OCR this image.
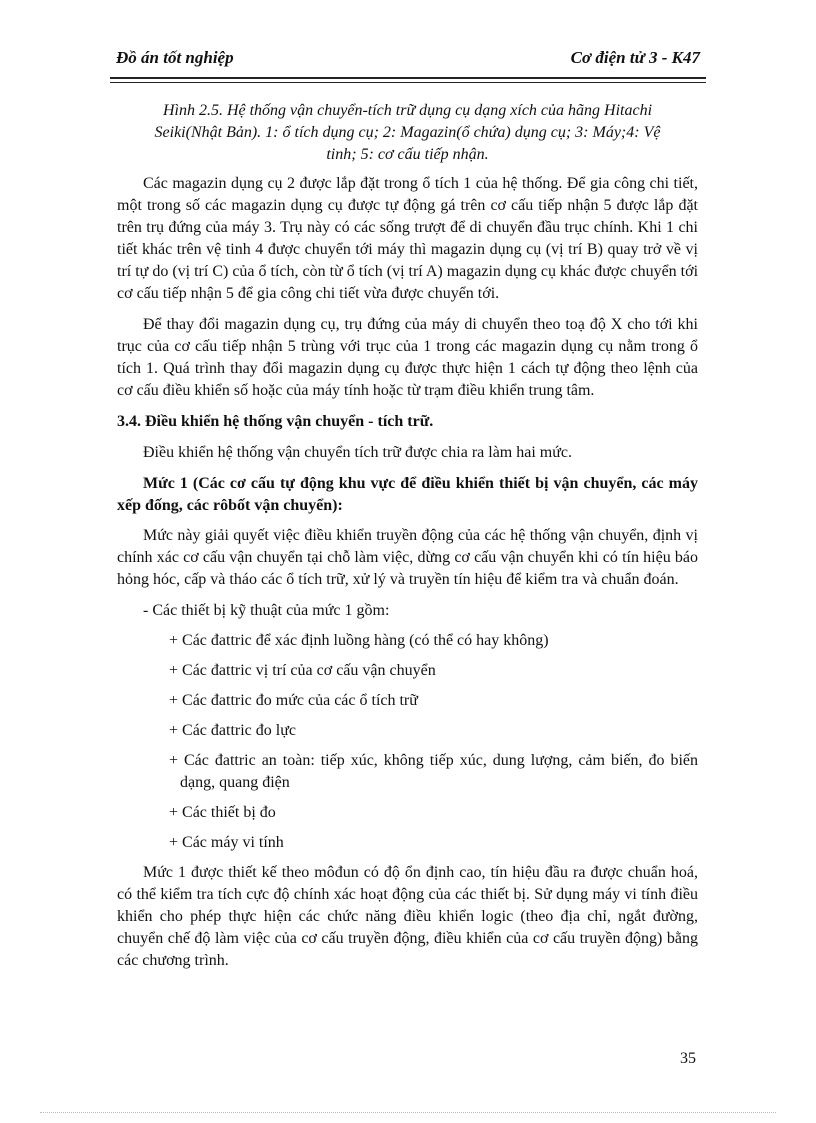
Đồ án tốt nghiệp	Cơ điện tử 3 - K47

Hình 2.5. Hệ thống vận chuyển-tích trữ dụng cụ dạng xích của hãng Hitachi Seiki(Nhật Bản). 1: ổ tích dụng cụ; 2: Magazin(ổ chứa) dụng cụ; 3: Máy;4: Vệ tinh; 5: cơ cấu tiếp nhận.

Các magazin dụng cụ 2 được lắp đặt trong ổ tích 1 của hệ thống. Để gia công chi tiết, một trong số các magazin dụng cụ được tự động gá trên cơ cấu tiếp nhận 5 được lắp đặt trên trụ đứng của máy 3. Trụ này có các sống trượt để di chuyển đầu trục chính. Khi 1 chi tiết khác trên vệ tinh 4 được chuyển tới máy thì magazin dụng cụ (vị trí B) quay trở về vị trí tự do (vị trí C) của ổ tích, còn từ ổ tích (vị trí A) magazin dụng cụ khác được chuyển tới cơ cấu tiếp nhận 5 để gia công chi tiết vừa được chuyển tới.

Để thay đổi magazin dụng cụ, trụ đứng của máy di chuyển theo toạ độ X cho tới khi trục của cơ cấu tiếp nhận 5 trùng với trục của 1 trong các magazin dụng cụ nằm trong ổ tích 1. Quá trình thay đổi magazin dụng cụ được thực hiện 1 cách tự động theo lệnh của cơ cấu điều khiển số hoặc của máy tính hoặc từ trạm điều khiển trung tâm.

3.4. Điều khiển hệ thống vận chuyển - tích trữ.

Điều khiển hệ thống vận chuyển tích trữ được chia ra làm hai mức.

Mức 1 (Các cơ cấu tự động khu vực để điều khiển thiết bị vận chuyển, các máy xếp đống, các rôbốt vận chuyển):

Mức này giải quyết việc điều khiển truyền động của các hệ thống vận chuyển, định vị chính xác cơ cấu vận chuyển tại chỗ làm việc, dừng cơ cấu vận chuyển khi có tín hiệu báo hỏng hóc, cấp và tháo các ổ tích trữ, xử lý và truyền tín hiệu để kiểm tra và chuẩn đoán.

- Các thiết bị kỹ thuật của mức 1 gồm:

+ Các đattric để xác định luồng hàng (có thể có hay không)
+ Các đattric vị trí của cơ cấu vận chuyển
+ Các đattric đo mức của các ổ tích trữ
+ Các đattric đo lực
+ Các đattric an toàn: tiếp xúc, không tiếp xúc, dung lượng, cảm biến, đo biến dạng, quang điện
+ Các thiết bị đo
+ Các máy vi tính

Mức 1 được thiết kế theo môđun có độ ổn định cao, tín hiệu đầu ra được chuẩn hoá, có thể kiểm tra tích cực độ chính xác hoạt động của các thiết bị. Sử dụng máy vi tính điều khiển cho phép thực hiện các chức năng điều khiển logic (theo địa chỉ, ngắt đường, chuyển chế độ làm việc của cơ cấu truyền động, điều khiển của cơ cấu truyền động) bằng các chương trình.

35
